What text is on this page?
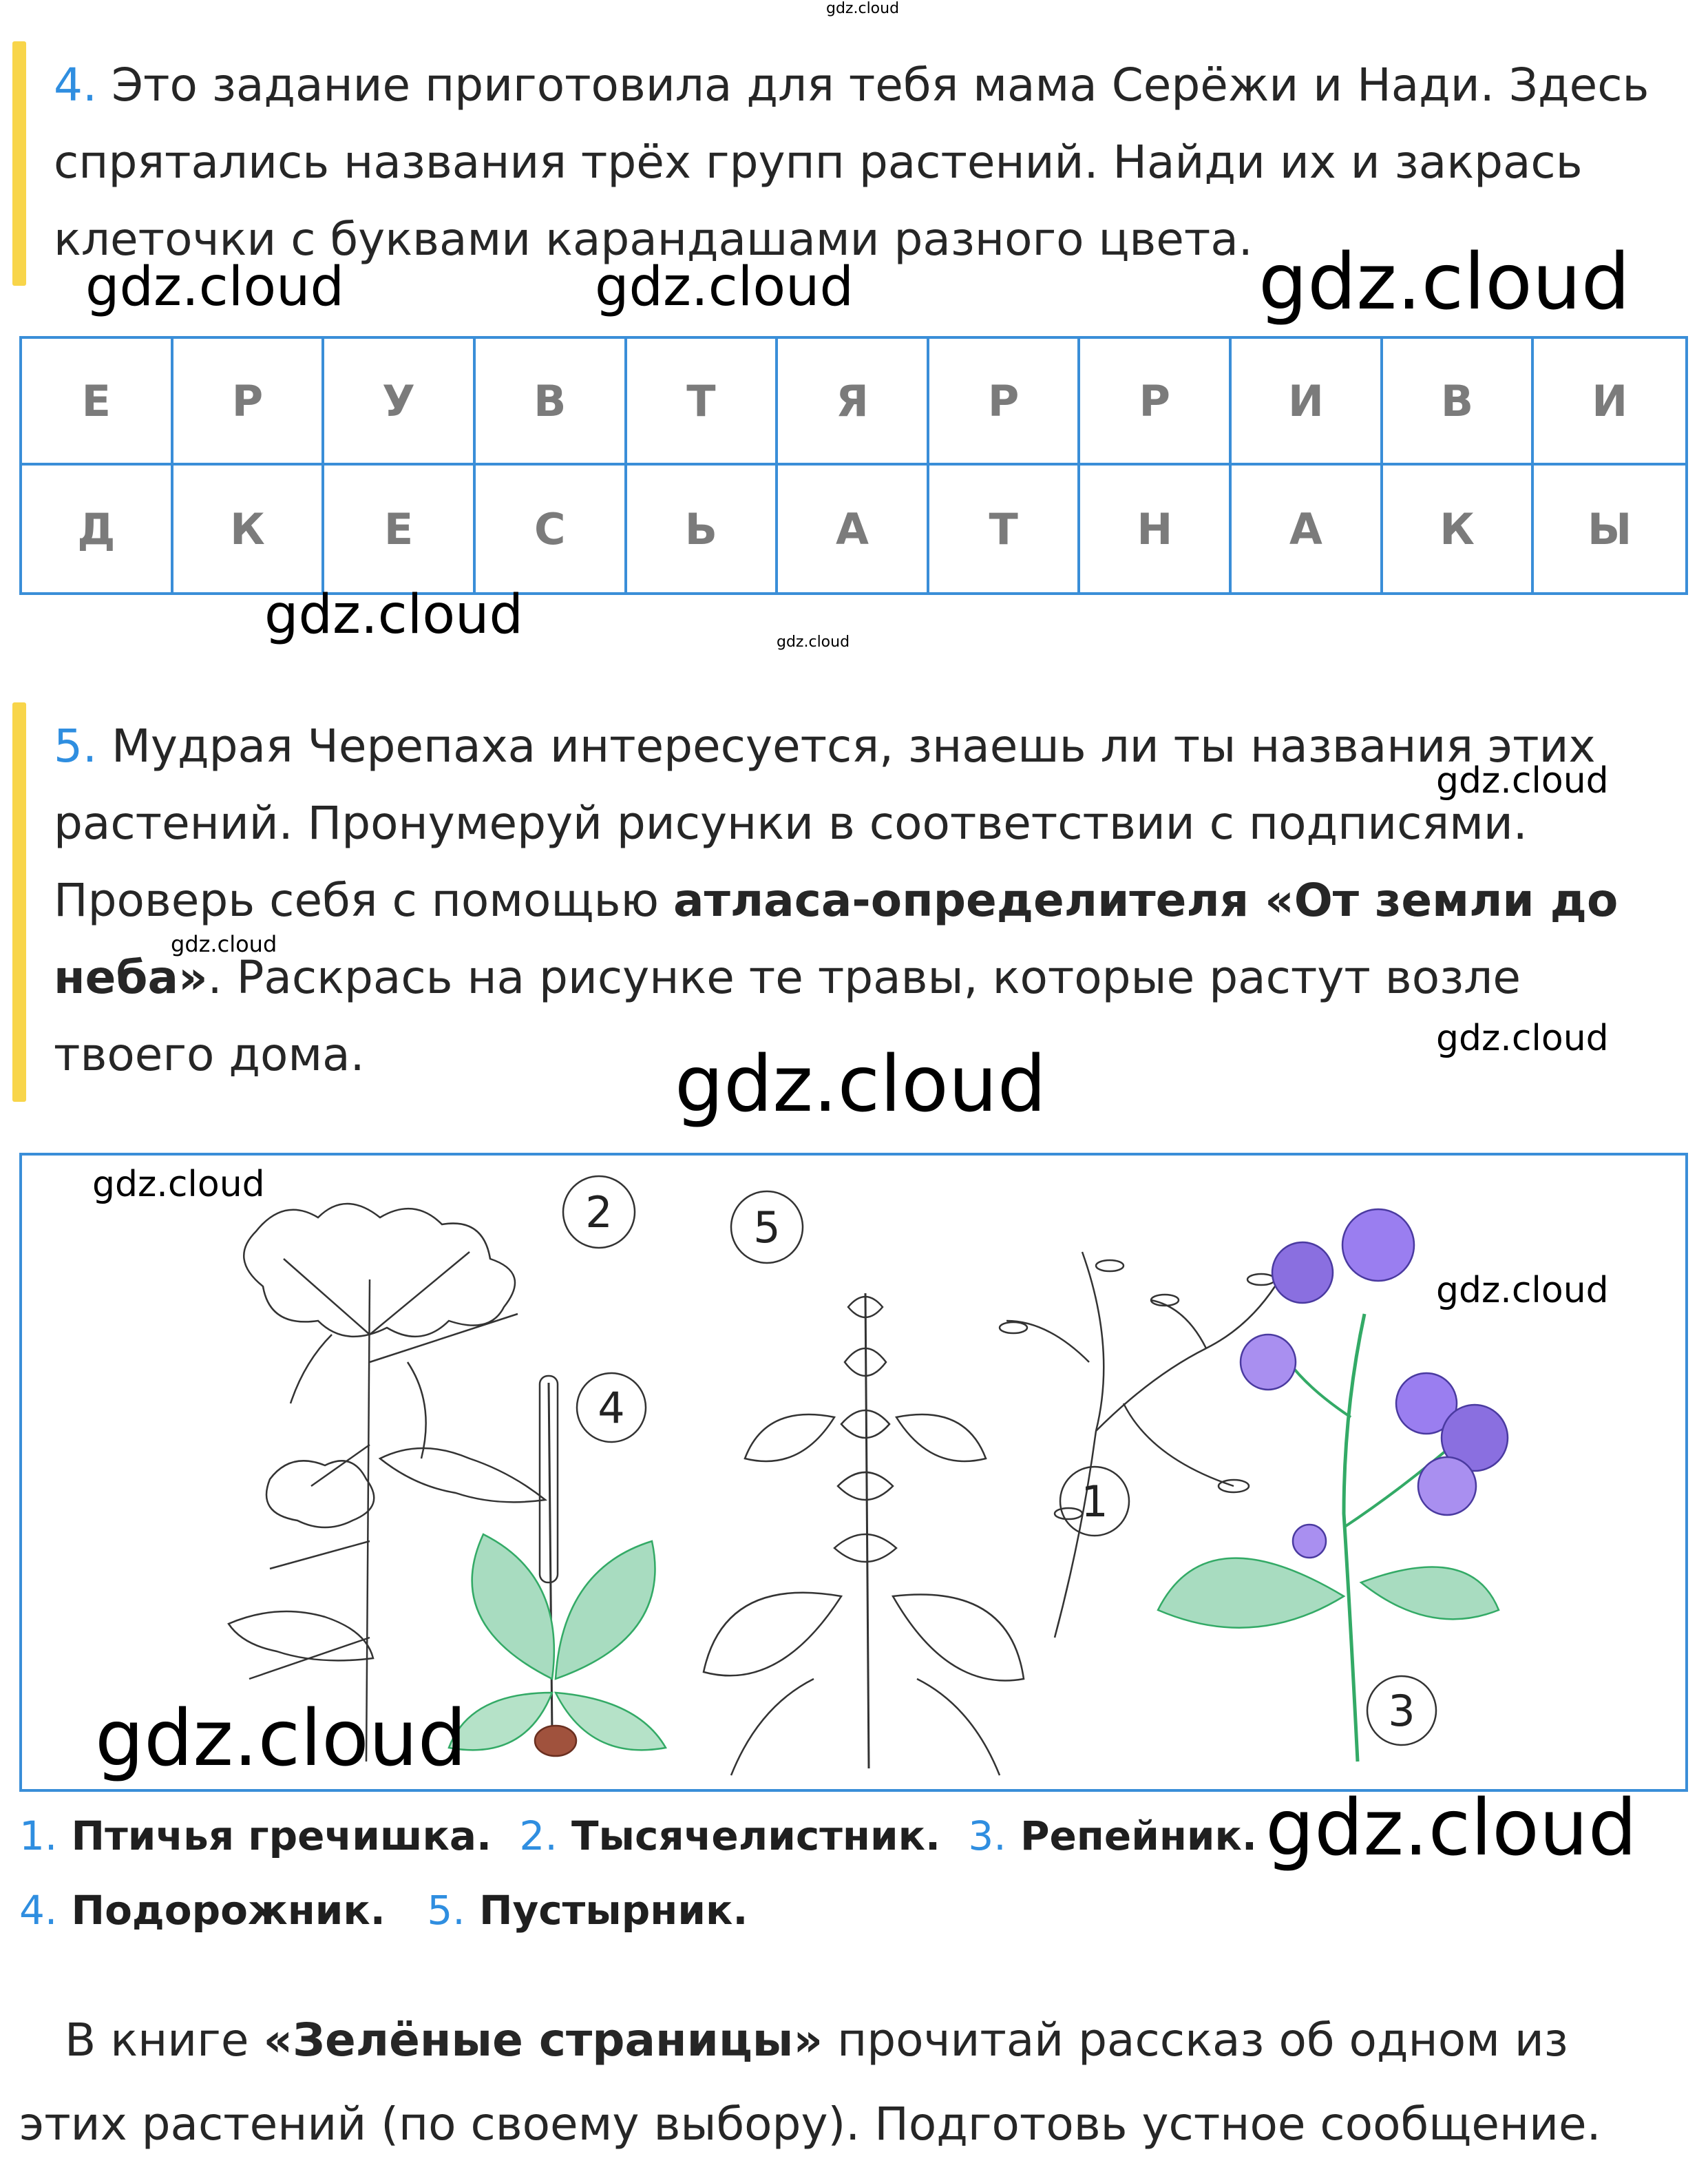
gdz.cloud
4. Это задание приготовила для тебя мама Серёжи и Нади. Здесь спрятались названия трёх групп растений. Найди их и закрась клеточки с буквами карандашами разного цвета.
Е	Р	У	В	Т	Я	Р	Р	И	В	И
Д	К	Е	С	Ь	А	Т	Н	А	К	Ы
5. Мудрая Черепаха интересуется, знаешь ли ты названия этих растений. Пронумеруй рисунки в соответствии с подписями. Проверь себя с помощью атласа-определителя «От земли до неба». Раскрась на рисунке те травы, которые растут возле твоего дома.
2	5
4
1
3
1. Птичья гречишка. 2. Тысячелистник. 3. Репейник.
4. Подорожник. 5. Пустырник.
В книге «Зелёные страницы» прочитай рассказ об одном из этих растений (по своему выбору). Подготовь устное сообщение.
gdz.cloud	gdz.cloud	gdz.cloud
gdz.cloud	gdz.cloud
gdz.cloud
gdz.cloud
gdz.cloud
gdz.cloud
gdz.cloud
gdz.cloud
gdz.cloud
gdz.cloud
